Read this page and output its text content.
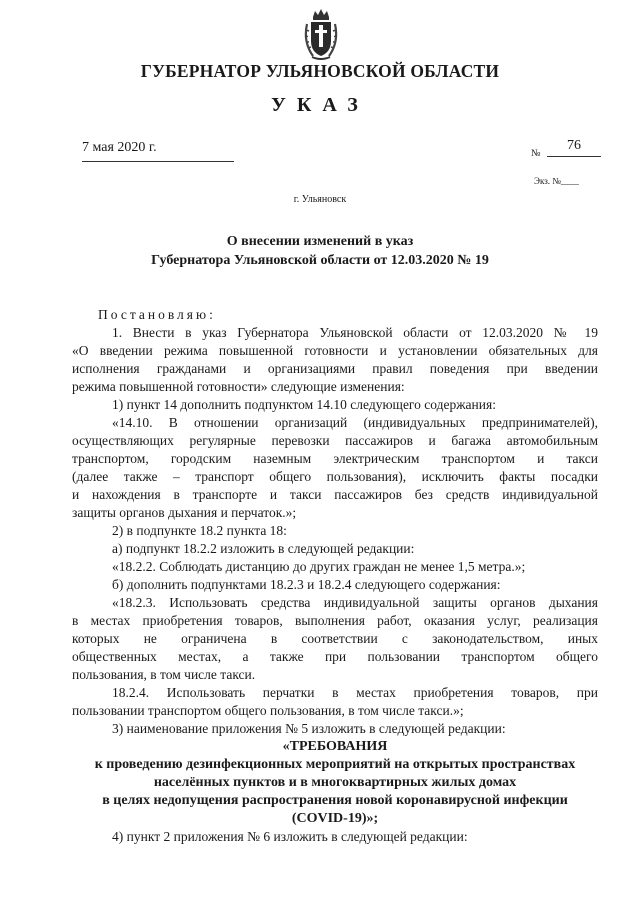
ГУБЕРНАТОР УЛЬЯНОВСКОЙ ОБЛАСТИ
УКАЗ
7 мая 2020 г.	№
76
Экз. №____
г. Ульяновск
О внесении изменений в указ
Губернатора Ульяновской области от 12.03.2020 № 19

Постановляю:

1. Внести в указ Губернатора Ульяновской области от 12.03.2020 № 19

«О введении режима повышенной готовности и установлении обязательных для

исполнения гражданами и организациями правил поведения при введении

режима повышенной готовности» следующие изменения:

1) пункт 14 дополнить подпунктом 14.10 следующего содержания:

«14.10. В отношении организаций (индивидуальных предпринимателей),

осуществляющих регулярные перевозки пассажиров и багажа автомобильным

транспортом, городским наземным электрическим транспортом и такси

(далее также – транспорт общего пользования), исключить факты посадки

и нахождения в транспорте и такси пассажиров без средств индивидуальной

защиты органов дыхания и перчаток.»;

2) в подпункте 18.2 пункта 18:

а) подпункт 18.2.2 изложить в следующей редакции:

«18.2.2. Соблюдать дистанцию до других граждан не менее 1,5 метра.»;

б) дополнить подпунктами 18.2.3 и 18.2.4 следующего содержания:

«18.2.3. Использовать средства индивидуальной защиты органов дыхания

в местах приобретения товаров, выполнения работ, оказания услуг, реализация

которых не ограничена в соответствии с законодательством, иных

общественных местах, а также при пользовании транспортом общего

пользования, в том числе такси.

18.2.4. Использовать перчатки в местах приобретения товаров, при

пользовании транспортом общего пользования, в том числе такси.»;

3) наименование приложения № 5 изложить в следующей редакции:

«ТРЕБОВАНИЯ
к проведению дезинфекционных мероприятий на открытых пространствах
населённых пунктов и в многоквартирных жилых домах
в целях недопущения распространения новой коронавирусной инфекции
(COVID-19)»;

4) пункт 2 приложения № 6 изложить в следующей редакции:
